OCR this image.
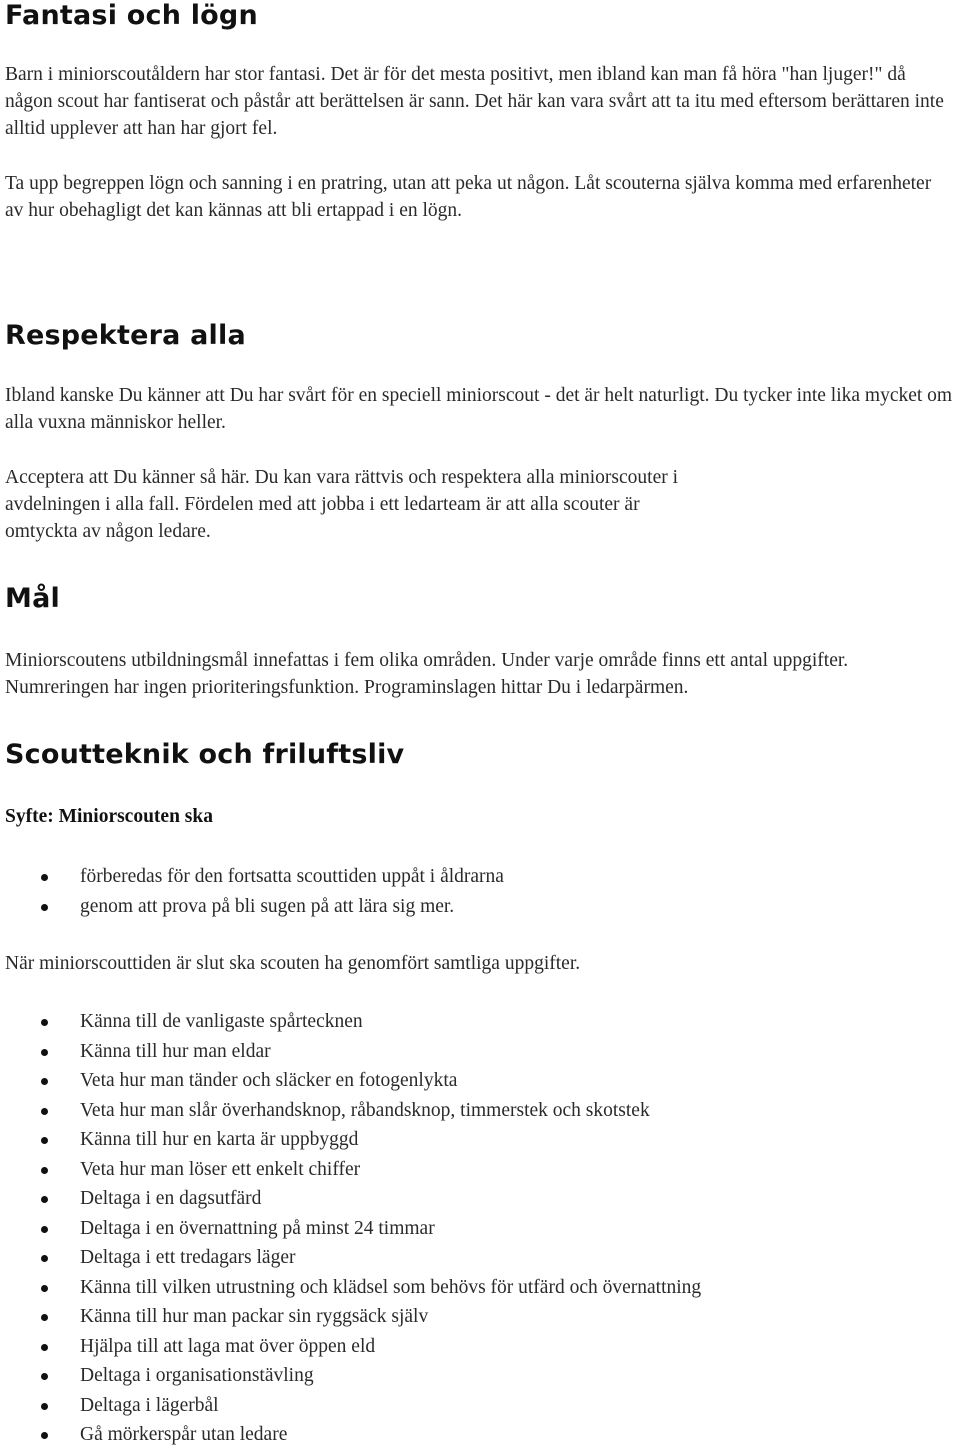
Fantasi och lögn

Barn i miniorscoutåldern har stor fantasi. Det är för det mesta positivt, men ibland kan man få höra "han ljuger!" då någon scout har fantiserat och påstår att berättelsen är sann. Det här kan vara svårt att ta itu med eftersom berättaren inte alltid upplever att han har gjort fel.

Ta upp begreppen lögn och sanning i en pratring, utan att peka ut någon. Låt scouterna själva komma med erfarenheter av hur obehagligt det kan kännas att bli ertappad i en lögn.

Respektera alla

Ibland kanske Du känner att Du har svårt för en speciell miniorscout - det är helt naturligt. Du tycker inte lika mycket om alla vuxna människor heller.

Acceptera att Du känner så här. Du kan vara rättvis och respektera alla miniorscouter i avdelningen i alla fall. Fördelen med att jobba i ett ledarteam är att alla scouter är omtyckta av någon ledare.

Mål

Miniorscoutens utbildningsmål innefattas i fem olika områden. Under varje område finns ett antal uppgifter. Numreringen har ingen prioriteringsfunktion. Programinslagen hittar Du i ledarpärmen.

Scoutteknik och friluftsliv

Syfte: Miniorscouten ska

förberedas för den fortsatta scouttiden uppåt i åldrarna
genom att prova på bli sugen på att lära sig mer.

När miniorscouttiden är slut ska scouten ha genomfört samtliga uppgifter.

Känna till de vanligaste spårtecknen
Känna till hur man eldar
Veta hur man tänder och släcker en fotogenlykta
Veta hur man slår överhandsknop, råbandsknop, timmerstek och skotstek
Känna till hur en karta är uppbyggd
Veta hur man löser ett enkelt chiffer
Deltaga i en dagsutfärd
Deltaga i en övernattning på minst 24 timmar
Deltaga i ett tredagars läger
Känna till vilken utrustning och klädsel som behövs för utfärd och övernattning
Känna till hur man packar sin ryggsäck själv
Hjälpa till att laga mat över öppen eld
Deltaga i organisationstävling
Deltaga i lägerbål
Gå mörkerspår utan ledare
